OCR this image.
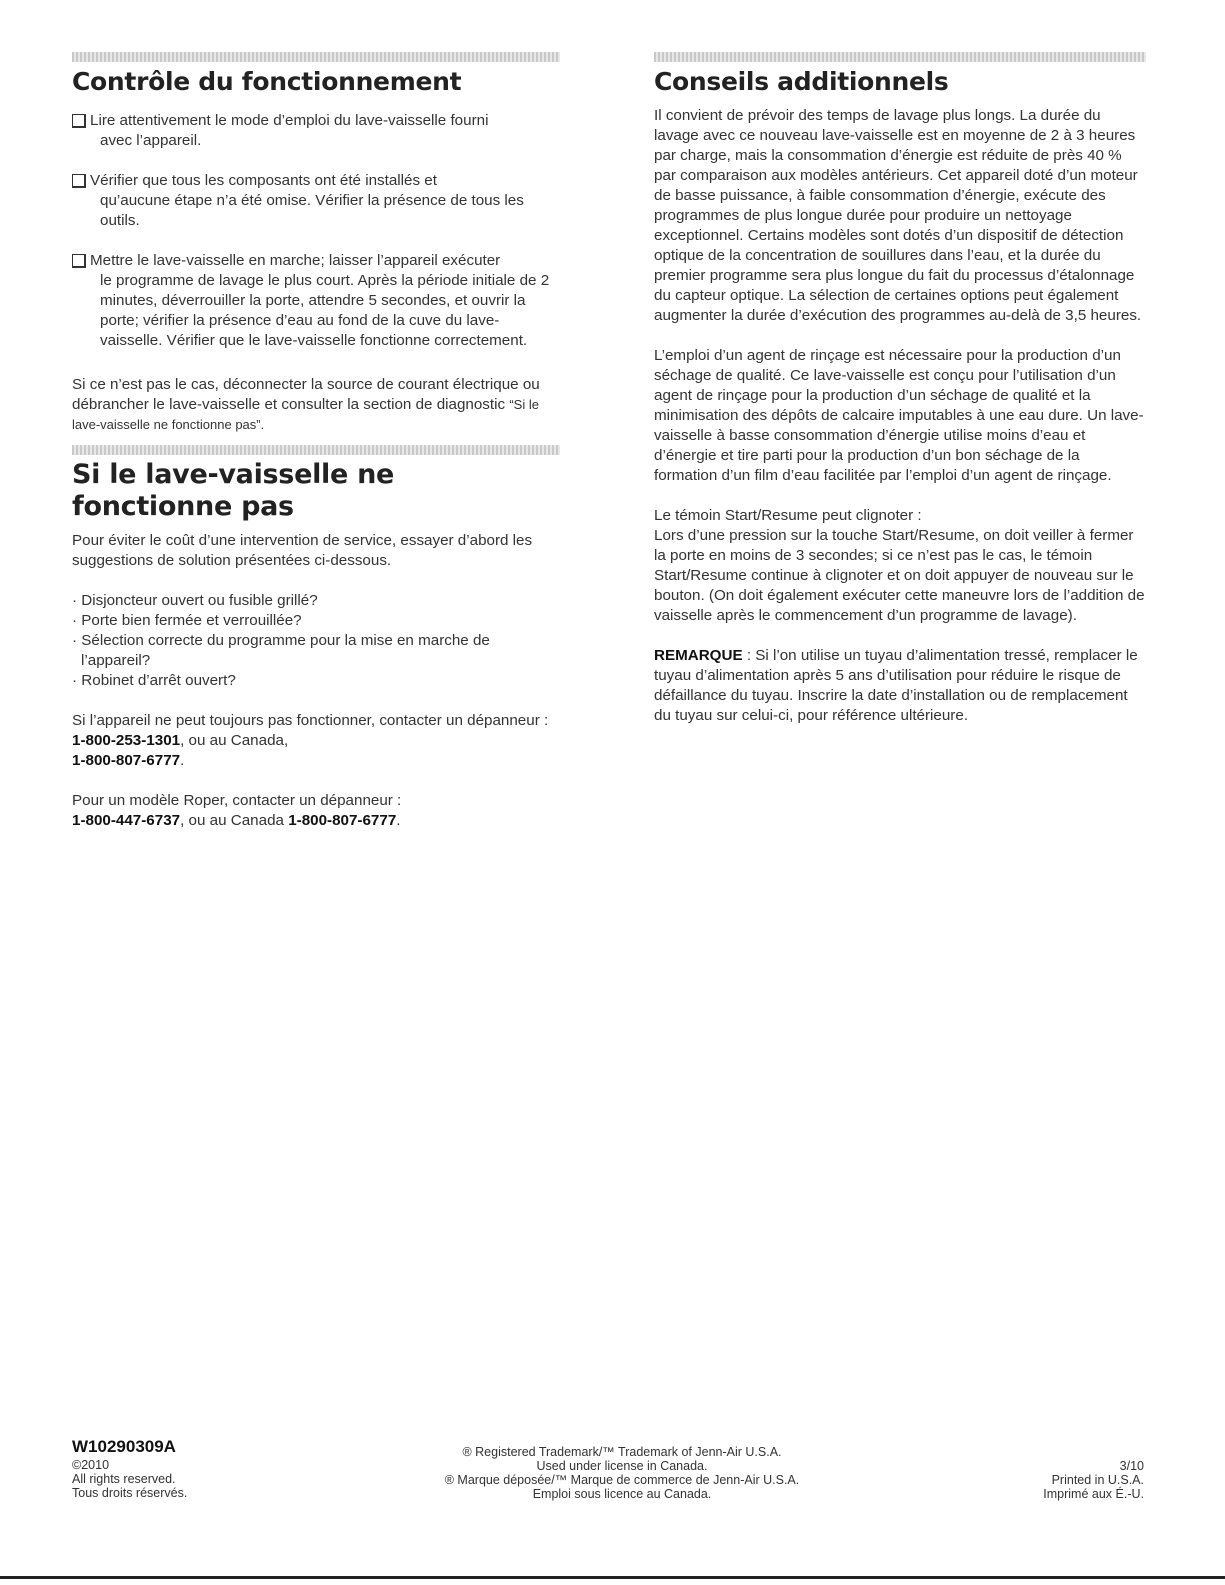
Contrôle du fonctionnement
Lire attentivement le mode d’emploi du lave-vaisselle fourni
avec l’appareil.
Vérifier que tous les composants ont été installés et
qu’aucune étape n’a été omise. Vérifier la présence de tous les outils.
Mettre le lave-vaisselle en marche; laisser l’appareil exécuter
le programme de lavage le plus court. Après la période initiale de 2 minutes, déverrouiller la porte, attendre 5 secondes, et ouvrir la porte; vérifier la présence d’eau au fond de la cuve du lave-vaisselle. Vérifier que le lave-vaisselle fonctionne correctement.

Si ce n’est pas le cas, déconnecter la source de courant électrique ou débrancher le lave-vaisselle et consulter la section de diagnostic “Si le lave-vaisselle ne fonctionne pas”.

Si le lave-vaisselle ne fonctionne pas

Pour éviter le coût d’une intervention de service, essayer d’abord les suggestions de solution présentées ci-dessous.

· Disjoncteur ouvert ou fusible grillé?
· Porte bien fermée et verrouillée?
· Sélection correcte du programme pour la mise en marche de l’appareil?
· Robinet d’arrêt ouvert?

Si l’appareil ne peut toujours pas fonctionner, contacter un dépanneur : 1-800-253-1301, ou au Canada,
1-800-807-6777.

Pour un modèle Roper, contacter un dépanneur :
1-800-447-6737, ou au Canada 1-800-807-6777.

Conseils additionnels

Il convient de prévoir des temps de lavage plus longs. La durée du lavage avec ce nouveau lave-vaisselle est en moyenne de 2 à 3 heures par charge, mais la consommation d’énergie est réduite de près 40 % par comparaison aux modèles antérieurs. Cet appareil doté d’un moteur de basse puissance, à faible consommation d’énergie, exécute des programmes de plus longue durée pour produire un nettoyage exceptionnel. Certains modèles sont dotés d’un dispositif de détection optique de la concentration de souillures dans l’eau, et la durée du premier programme sera plus longue du fait du processus d’étalonnage du capteur optique. La sélection de certaines options peut également augmenter la durée d’exécution des programmes au-delà de 3,5 heures.

L’emploi d’un agent de rinçage est nécessaire pour la production d’un séchage de qualité. Ce lave-vaisselle est conçu pour l’utilisation d’un agent de rinçage pour la production d’un séchage de qualité et la minimisation des dépôts de calcaire imputables à une eau dure. Un lave-vaisselle à basse consommation d’énergie utilise moins d’eau et d’énergie et tire parti pour la production d’un bon séchage de la formation d’un film d’eau facilitée par l’emploi d’un agent de rinçage.

Le témoin Start/Resume peut clignoter :

Lors d’une pression sur la touche Start/Resume, on doit veiller à fermer la porte en moins de 3 secondes; si ce n’est pas le cas, le témoin Start/Resume continue à clignoter et on doit appuyer de nouveau sur le bouton. (On doit également exécuter cette maneuvre lors de l’addition de vaisselle après le commencement d’un programme de lavage).

REMARQUE : Si l’on utilise un tuyau d’alimentation tressé, remplacer le tuyau d’alimentation après 5 ans d’utilisation pour réduire le risque de défaillance du tuyau. Inscrire la date d’installation ou de remplacement du tuyau sur celui-ci, pour référence ultérieure.

W10290309A
©2010
All rights reserved.
Tous droits réservés.
® Registered Trademark/™ Trademark of Jenn-Air U.S.A.
Used under license in Canada.
® Marque déposée/™ Marque de commerce de Jenn-Air U.S.A.
Emploi sous licence au Canada.
3/10
Printed in U.S.A.
Imprimé aux É.-U.
